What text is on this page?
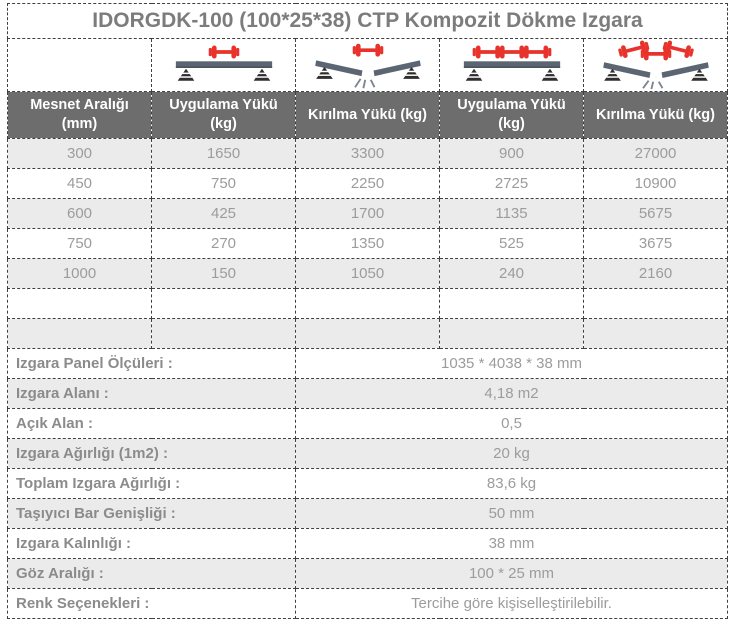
IDORGDK-100 (100*25*38) CTP Kompozit Dökme Izgara				

Mesnet Aralığı (mm)	Uygulama Yükü (kg)	Kırılma Yükü (kg)	Uygulama Yükü (kg)	Kırılma Yükü (kg)
300	1650	3300	900	27000
450	750	2250	2725	10900
600	425	1700	1135	5675
750	270	1350	525	3675
1000	150	1050	240	2160

Izgara Panel Ölçüleri :		1035 * 4038 * 38 mm		
Izgara Alanı :		4,18 m2		
Açık Alan :		0,5		
Izgara Ağırlığı (1m2) :		20 kg		
Toplam Izgara Ağırlığı :		83,6 kg		
Taşıyıcı Bar Genişliği :		50 mm		
Izgara Kalınlığı :		38 mm		
Göz Aralığı :		100 * 25 mm		
Renk Seçenekleri :		Tercihe göre kişiselleştirilebilir.		
